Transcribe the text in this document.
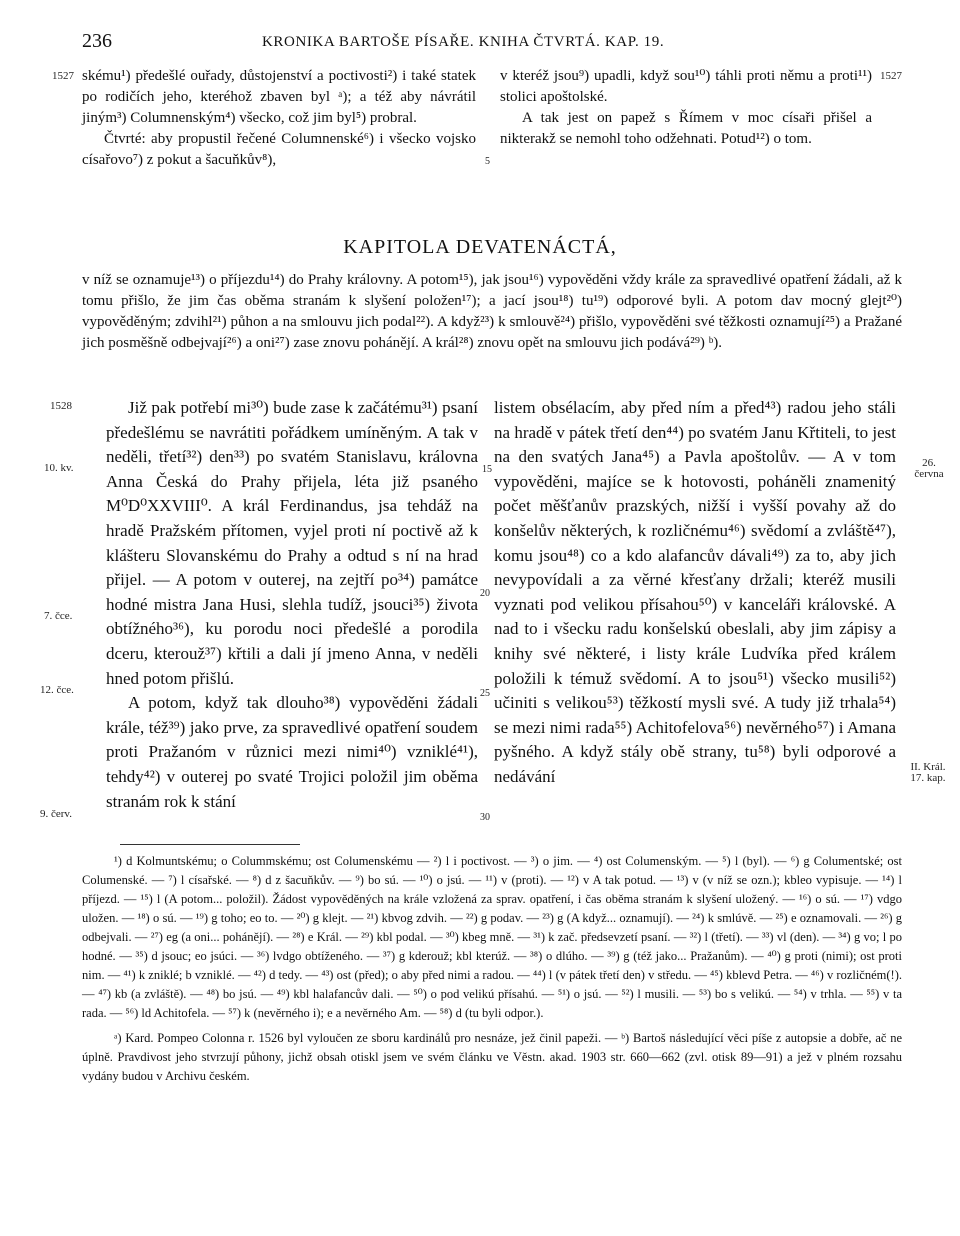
236	KRONIKA BARTOŠE PÍSAŘE. KNIHA ČTVRTÁ. KAP. 19.
1527	1527
5

skému¹) předešlé ouřady, důstojenství a poctivosti²) i také statek po rodičích jeho, kteréhož zbaven byl ᵃ); a též aby návrátil jiným³) Columnenským⁴) všecko, což jim byl⁵) probral.

Čtvrté: aby propustil řečené Columnenské⁶) i všecko vojsko císařovo⁷) z pokut a šacuňkův⁸),

v kteréž jsou⁹) upadli, když sou¹⁰) táhli proti němu a proti¹¹) stolici apoštolské.

A tak jest on papež s Římem v moc císaři přišel a nikterakž se nemohl toho odžehnati. Potud¹²) o tom.

KAPITOLA DEVATENÁCTÁ,

v níž se oznamuje¹³) o příjezdu¹⁴) do Prahy královny. A potom¹⁵), jak jsou¹⁶) vypověděni vždy krále za spravedlivé opatření žádali, až k tomu přišlo, že jim čas oběma stranám k slyšení položen¹⁷); a jací jsou¹⁸) tu¹⁹) odporové byli. A potom dav mocný glejt²⁰) vypověděným; zdvihl²¹) půhon a na smlouvu jich podal²²). A když²³) k smlouvě²⁴) přišlo, vypověděni své těžkosti oznamují²⁵) a Pražané jich posměšně odbejvají²⁶) a oni²⁷) zase znovu pohánějí. A král²⁸) znovu opět na smlouvu jich podává²⁹) ᵇ).

1528
10. kv.
7. čce.
12. čce.
9. červ.
15
20
25
30
26.
června
II. Král.
17. kap.

Již pak potřebí mi³⁰) bude zase k začátému³¹) psaní předešlému se navrátiti pořádkem umíněným. A tak v neděli, třetí³²) den³³) po svatém Stanislavu, královna Anna Česká do Prahy přijela, léta již psaného M⁰D⁰XXVIII⁰. A král Ferdinandus, jsa tehdáž na hradě Pražském přítomen, vyjel proti ní poctivě až k klášteru Slovanskému do Prahy a odtud s ní na hrad přijel. — A potom v outerej, na zejtří po³⁴) památce hodné mistra Jana Husi, slehla tudíž, jsouci³⁵) života obtížného³⁶), ku porodu noci předešlé a porodila dceru, kterouž³⁷) křtili a dali jí jmeno Anna, v neděli hned potom přišlú.

A potom, když tak dlouho³⁸) vypověděni žádali krále, též³⁹) jako prve, za spravedlivé opatření soudem proti Pražanóm v různici mezi nimi⁴⁰) vzniklé⁴¹), tehdy⁴²) v outerej po svaté Trojici položil jim oběma stranám rok k stání

listem obsélacím, aby před ním a před⁴³) radou jeho stáli na hradě v pátek třetí den⁴⁴) po svatém Janu Křtiteli, to jest na den svatých Jana⁴⁵) a Pavla apoštolův. — A v tom vypověděni, majíce se k hotovosti, poháněli znamenitý počet měšťanův prazských, nižší i vyšší povahy až do konšelův některých, k rozličnému⁴⁶) svědomí a zvláště⁴⁷), komu jsou⁴⁸) co a kdo alafancův dávali⁴⁹) za to, aby jich nevypovídali a za věrné křesťany držali; kteréž musili vyznati pod velikou přísahou⁵⁰) v kanceláři královské. A nad to i všecku radu konšelskú obeslali, aby jim zápisy a knihy své některé, i listy krále Ludvíka před králem položili k témuž svědomí. A to jsou⁵¹) všecko musili⁵²) učiniti s velikou⁵³) těžkostí mysli své. A tudy již trhala⁵⁴) se mezi nimi rada⁵⁵) Achitofelova⁵⁶) nevěrného⁵⁷) i Amana pyšného. A když stály obě strany, tu⁵⁸) byli odporové a nedávání

¹) d Kolmuntskému; o Colummskému; ost Columenskému — ²) l i poctivost. — ³) o jim. — ⁴) ost Columenským. — ⁵) l (byl). — ⁶) g Columentské; ost Columenské. — ⁷) l císařské. — ⁸) d z šacuňkův. — ⁹) bo sú. — ¹⁰) o jsú. — ¹¹) v (proti). — ¹²) v A tak potud. — ¹³) v (v níž se ozn.); kbleo vypisuje. — ¹⁴) l příjezd. — ¹⁵) l (A potom... položil). Žádost vypověděných na krále vzložená za sprav. opatření, i čas oběma stranám k slyšení uložený. — ¹⁶) o sú. — ¹⁷) vdgo uložen. — ¹⁸) o sú. — ¹⁹) g toho; eo to. — ²⁰) g klejt. — ²¹) kbvog zdvih. — ²²) g podav. — ²³) g (A když... oznamují). — ²⁴) k smlúvě. — ²⁵) e oznamovali. — ²⁶) g odbejvali. — ²⁷) eg (a oni... pohánějí). — ²⁸) e Král. — ²⁹) kbl podal. — ³⁰) kbeg mně. — ³¹) k zač. předsevzetí psaní. — ³²) l (třetí). — ³³) vl (den). — ³⁴) g vo; l po hodné. — ³⁵) d jsouc; eo jsúci. — ³⁶) lvdgo obtíženého. — ³⁷) g kderouž; kbl kterúž. — ³⁸) o dlúho. — ³⁹) g (též jako... Pražanům). — ⁴⁰) g proti (nimi); ost proti nim. — ⁴¹) k zniklé; b vzniklé. — ⁴²) d tedy. — ⁴³) ost (před); o aby před nimi a radou. — ⁴⁴) l (v pátek třetí den) v středu. — ⁴⁵) kblevd Petra. — ⁴⁶) v rozličném(!). — ⁴⁷) kb (a zvláště). — ⁴⁸) bo jsú. — ⁴⁹) kbl halafancův dali. — ⁵⁰) o pod velikú přísahú. — ⁵¹) o jsú. — ⁵²) l musili. — ⁵³) bo s velikú. — ⁵⁴) v trhla. — ⁵⁵) v ta rada. — ⁵⁶) ld Achitofela. — ⁵⁷) k (nevěrného i); e a nevěrného Am. — ⁵⁸) d (tu byli odpor.).

ᵃ) Kard. Pompeo Colonna r. 1526 byl vyloučen ze sboru kardinálů pro nesnáze, jež činil papeži. — ᵇ) Bartoš následující věci píše z autopsie a dobře, ač ne úplně. Pravdivost jeho stvrzují půhony, jichž obsah otiskl jsem ve svém článku ve Věstn. akad. 1903 str. 660—662 (zvl. otisk 89—91) a jež v plném rozsahu vydány budou v Archivu českém.
